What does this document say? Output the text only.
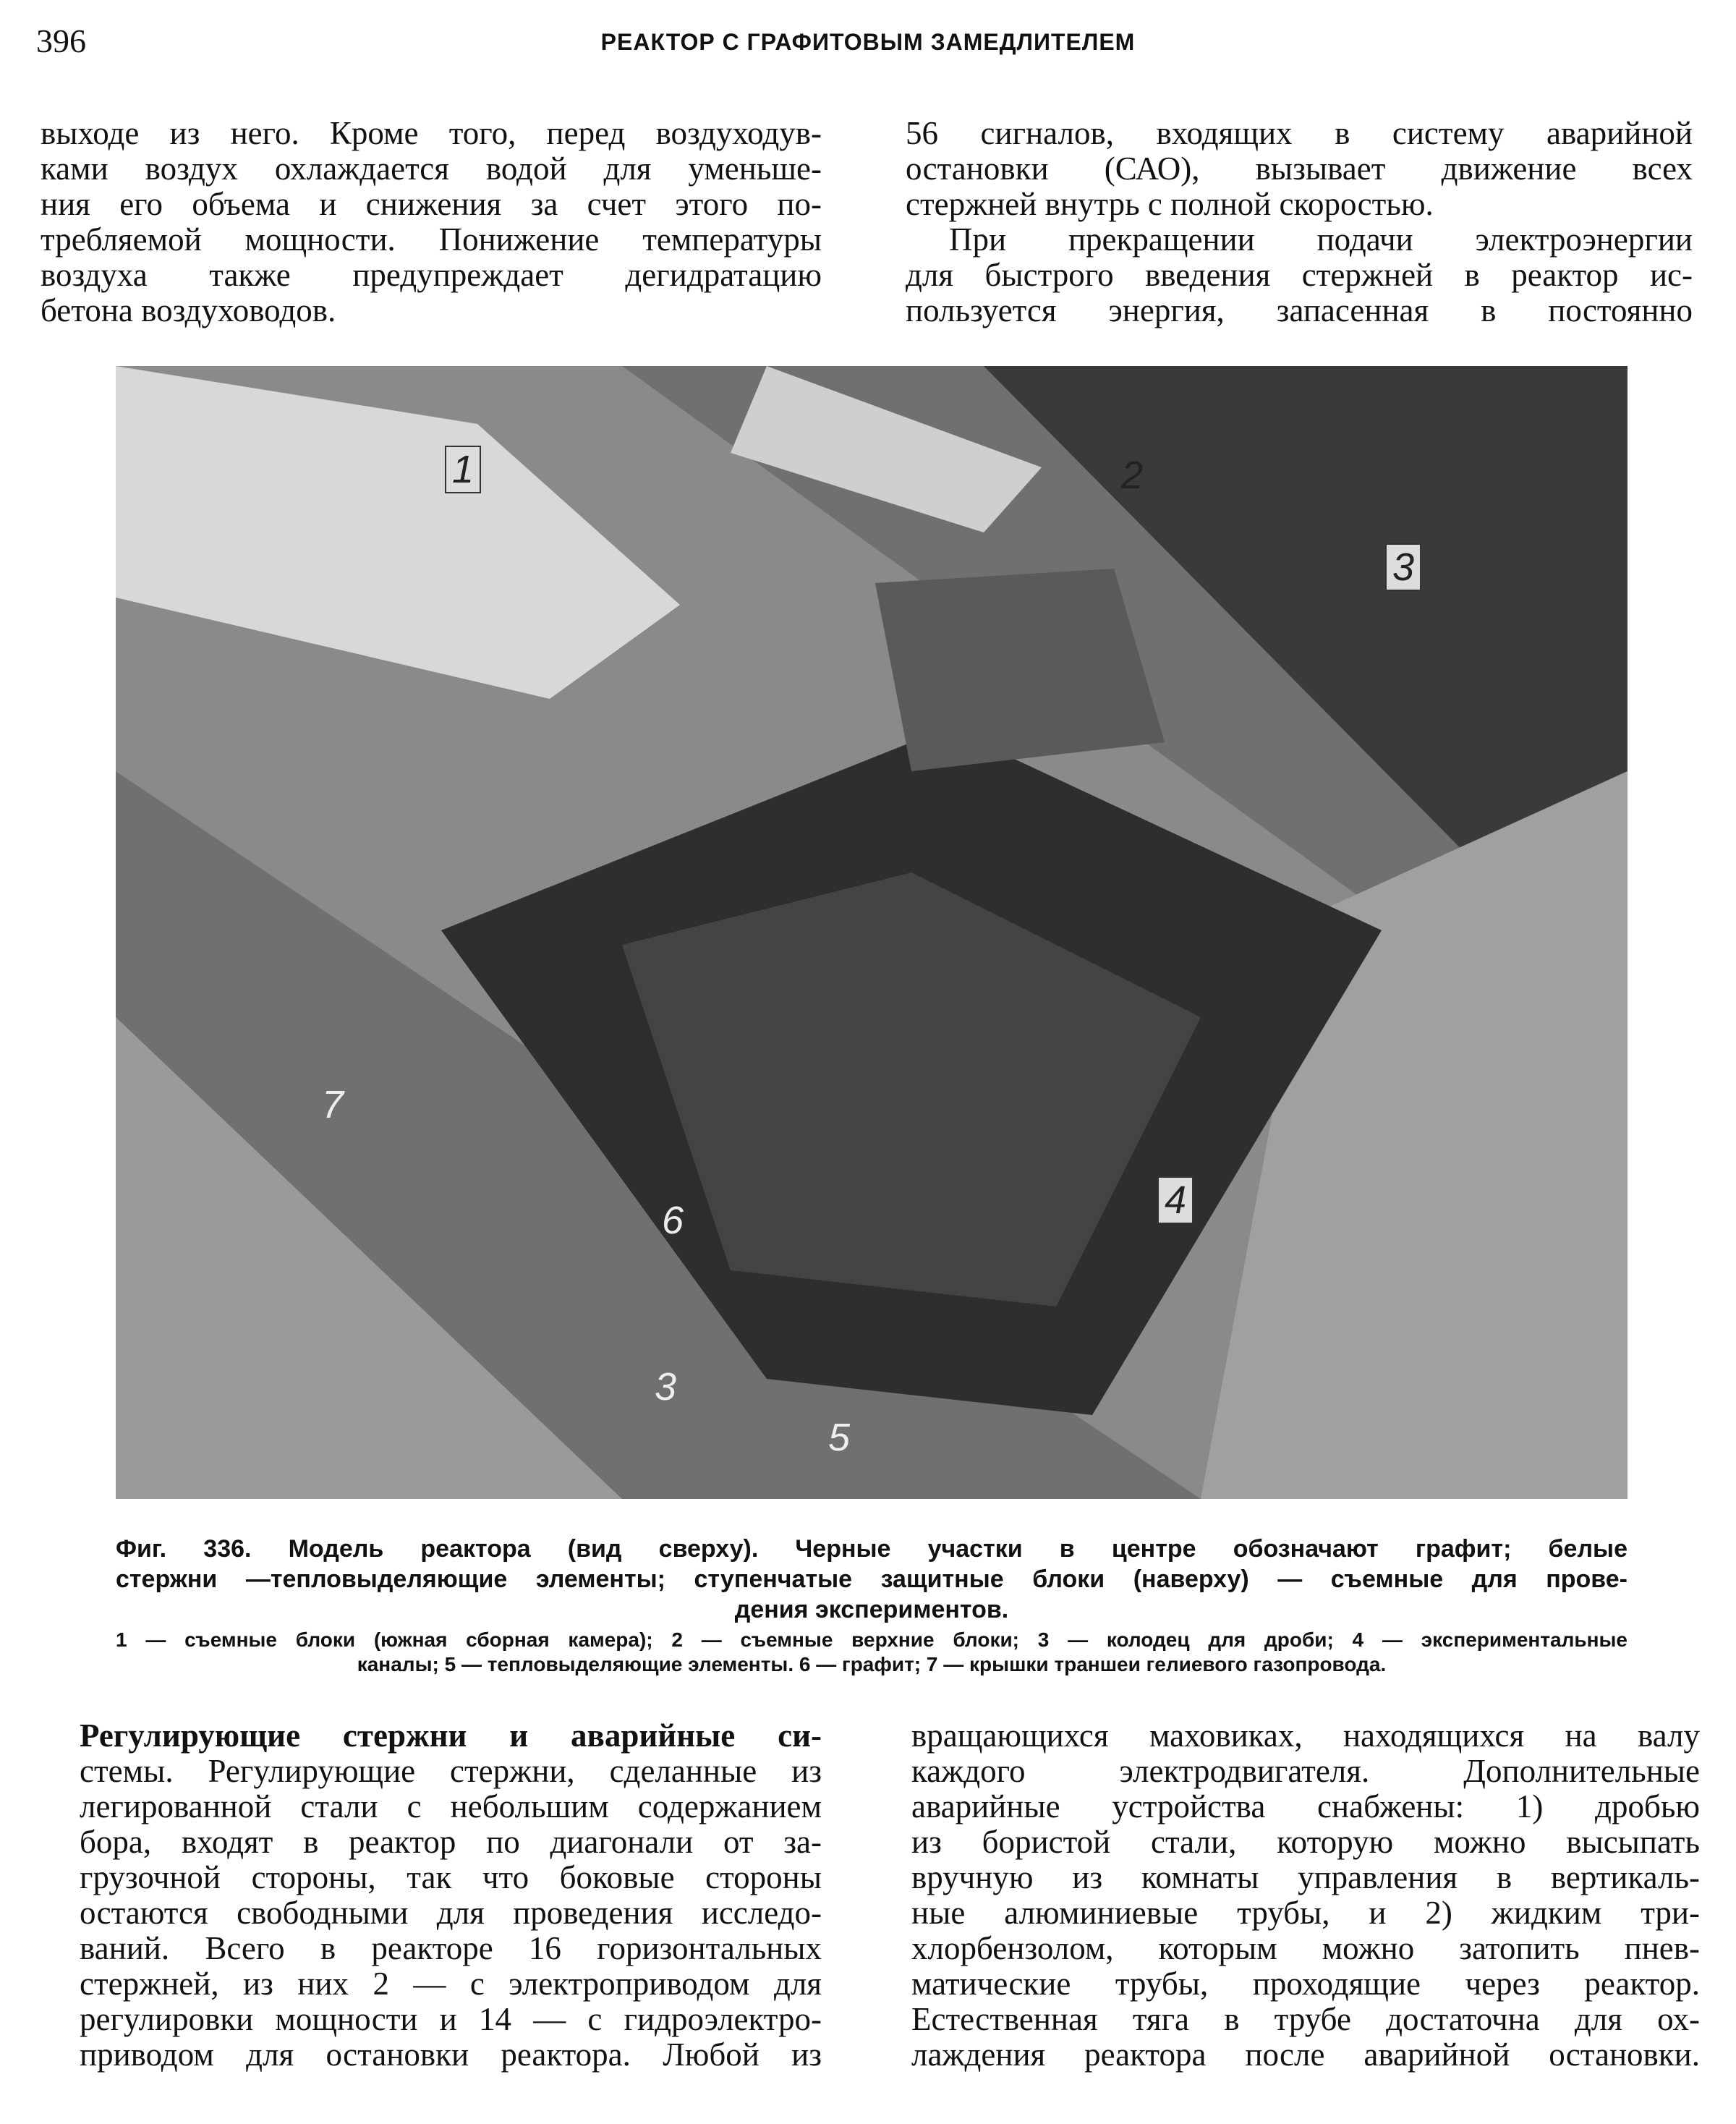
396	РЕАКТОР С ГРАФИТОВЫМ ЗАМЕДЛИТЕЛЕМ
выходе из него. Кроме того, перед воздуходув-
ками воздух охлаждается водой для уменьше-
ния его объема и снижения за счет этого по-
требляемой мощности. Понижение температуры
воздуха также предупреждает дегидратацию
бетона воздуховодов.
56 сигналов, входящих в систему аварийной
остановки (САО), вызывает движение всех
стержней внутрь с полной скоростью.
При прекращении подачи электроэнергии
для быстрого введения стержней в реактор ис-
пользуется энергия, запасенная в постоянно
1	2
3
4
5
6
7
3
Фиг. 336. Модель реактора (вид сверху). Черные участки в центре обозначают графит; белые
стержни —тепловыделяющие элементы; ступенчатые защитные блоки (наверху) — съемные для прове-
дения экспериментов.
1 — съемные блоки (южная сборная камера); 2 — съемные верхние блоки; 3 — колодец для дроби; 4 — экспериментальные
каналы; 5 — тепловыделяющие элементы. 6 — графит; 7 — крышки траншеи гелиевого газопровода.
Регулирующие стержни и аварийные си-
стемы. Регулирующие стержни, сделанные из
легированной стали с небольшим содержанием
бора, входят в реактор по диагонали от за-
грузочной стороны, так что боковые стороны
остаются свободными для проведения исследо-
ваний. Всего в реакторе 16 горизонтальных
стержней, из них 2 — с электроприводом для
регулировки мощности и 14 — с гидроэлектро-
приводом для остановки реактора. Любой из
вращающихся маховиках, находящихся на валу
каждого электродвигателя. Дополнительные
аварийные устройства снабжены: 1) дробью
из бористой стали, которую можно высыпать
вручную из комнаты управления в вертикаль-
ные алюминиевые трубы, и 2) жидким три-
хлорбензолом, которым можно затопить пнев-
матические трубы, проходящие через реактор.
Естественная тяга в трубе достаточна для ох-
лаждения реактора после аварийной остановки.
